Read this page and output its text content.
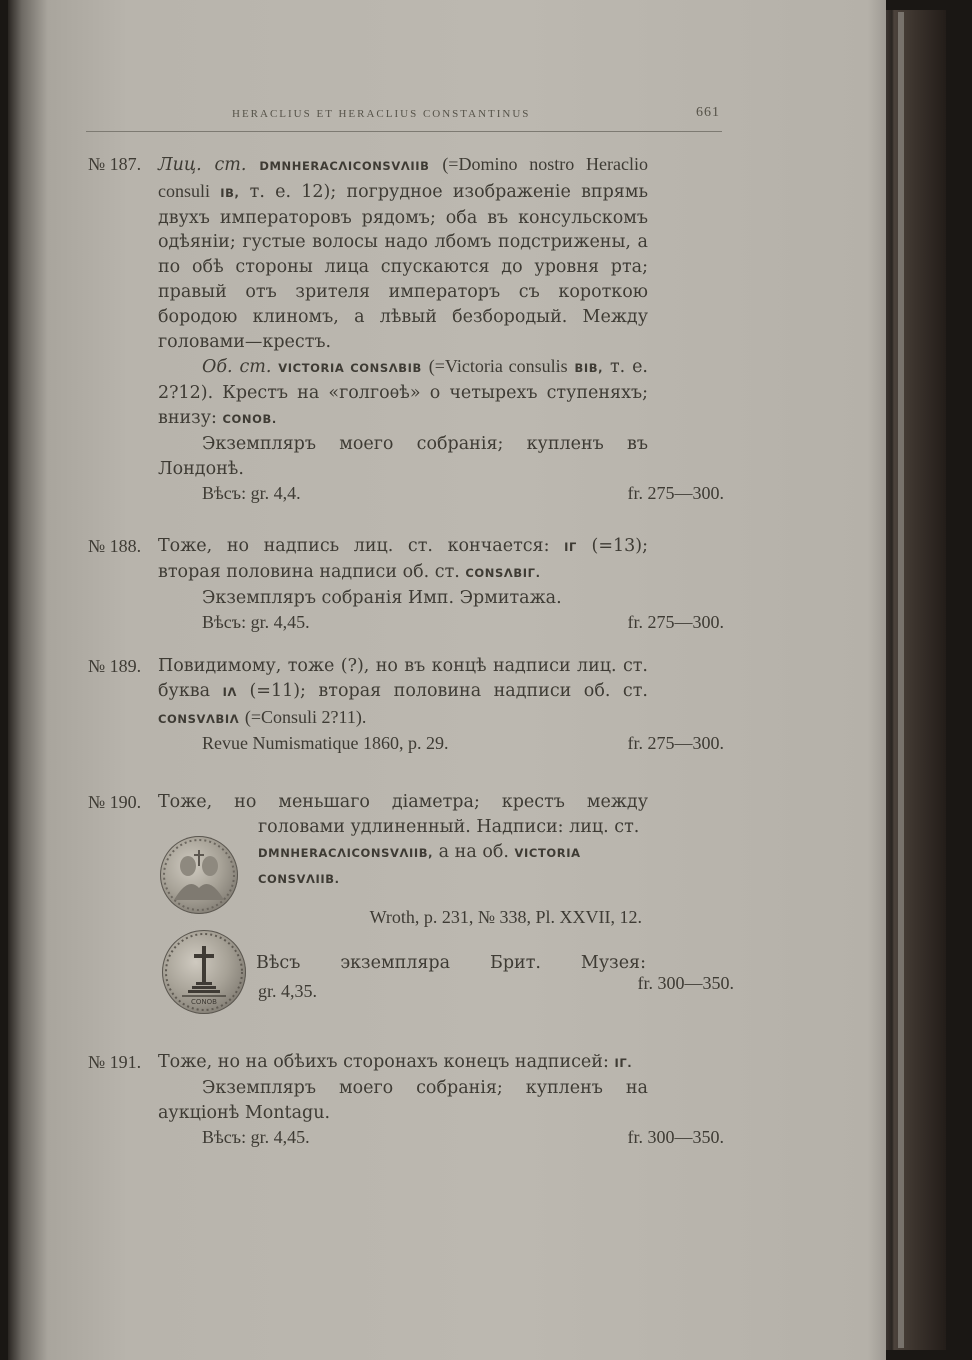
HERACLIUS ET HERACLIUS CONSTANTINUS	661
№ 187. Лиц. ст. DMNHERACΛICONSVΛIIB (=Domino nostro Heraclio consuli IB, т. е. 12); погрудное изображеніе впрямь двухъ императоровъ рядомъ; оба въ консульскомъ одѣяніи; густые волосы надо лбомъ подстрижены, а по обѣ стороны лица спускаются до уровня рта; правый отъ зрителя императоръ съ короткою бородою клиномъ, а лѣвый безбородый. Между головами—крестъ.
Об. ст. VICTORIA CONSΛBIB (=Victoria consulis BIB, т. е. 2?12). Крестъ на «голгоѳѣ» о четырехъ ступеняхъ; внизу: CONOB.
Экземпляръ моего собранія; купленъ въ Лондонѣ.
Вѣсъ: gr. 4,4.	fr. 275—300.
№ 188. Тоже, но надпись лиц. ст. кончается: IГ (=13); вторая половина надписи об. ст. CONSΛBIГ.
Экземпляръ собранія Имп. Эрмитажа.
Вѣсъ: gr. 4,45.	fr. 275—300.
№ 189. Повидимому, тоже (?), но въ концѣ надписи лиц. ст. буква IΛ (=11); вторая половина надписи об. ст. CONSVΛBIΛ (=Consuli 2?11).
Revue Numismatique 1860, p. 29.	fr. 275—300.
№ 190. Тоже, но меньшаго діаметра; крестъ между
головами удлиненный. Надписи: лиц. ст. DMNHERACΛICONSVΛIIB, а на об. VICTORIA CONSVΛIIB.
Wroth, p. 231, № 338, Pl. XXVII, 12.
Вѣсъ экземпляра Брит. Музея:
gr. 4,35.	fr. 300—350.
CONOB
№ 191. Тоже, но на обѣихъ сторонахъ конецъ надписей: IГ.
Экземпляръ моего собранія; купленъ на аукціонѣ Montagu.
Вѣсъ: gr. 4,45.	fr. 300—350.
